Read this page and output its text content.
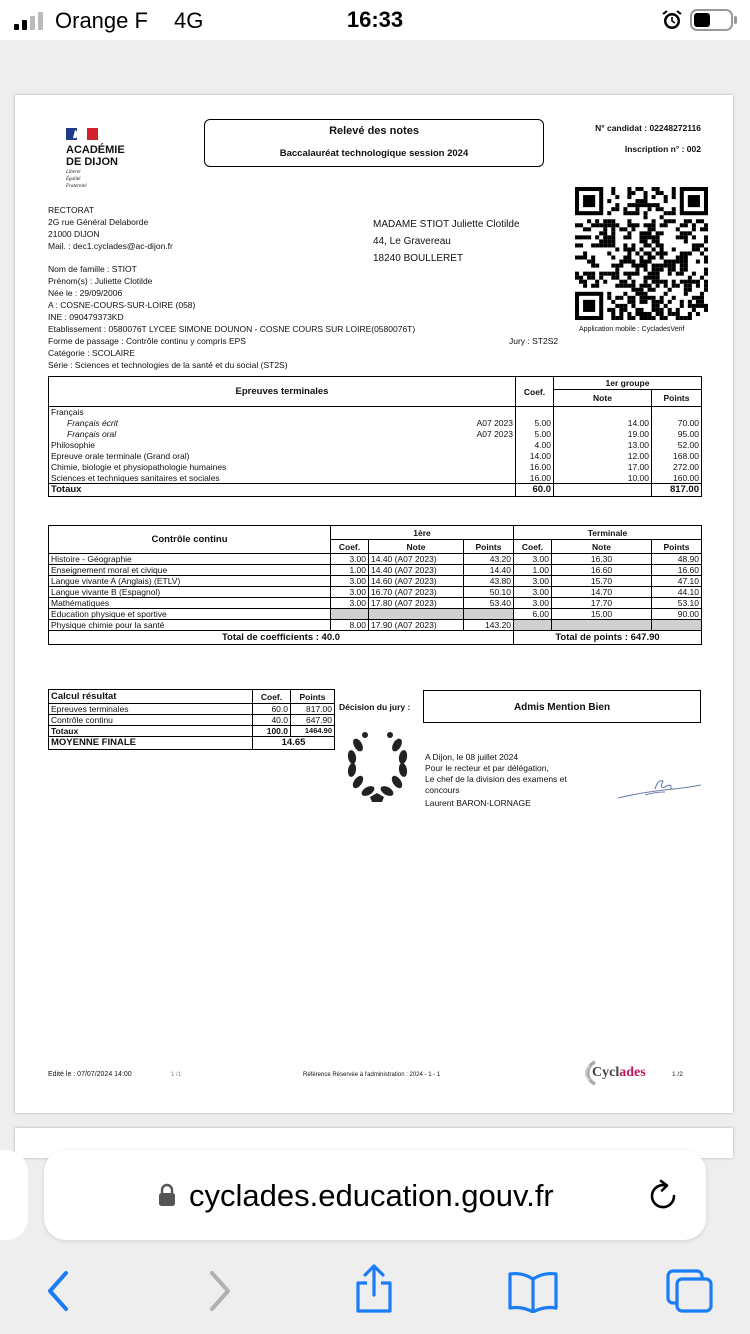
Orange F 4G	16:33
ACADÉMIE
DE DIJON
Liberté
Égalité
Fraternité
Relevé des notes
Baccalauréat technologique session 2024
N° candidat : 02248272116
Inscription n° : 002
Application mobile : CycladesVerif
RECTORAT
2G rue Général Delaborde
21000 DIJON
Mail. : dec1.cyclades@ac-dijon.fr
MADAME STIOT Juliette Clotilde
44, Le Gravereau
18240 BOULLERET
Nom de famille : STIOT
Prénom(s) : Juliette Clotilde
Née le : 29/09/2006
A : COSNE-COURS-SUR-LOIRE (058)
INE : 090479373KD
Etablissement : 0580076T LYCEE SIMONE DOUNON - COSNE COURS SUR LOIRE(0580076T)
Forme de passage : Contrôle continu y compris EPS
Catégorie : SCOLAIRE
Série : Sciences et technologies de la santé et du social (ST2S)
Jury : ST2S2
Epreuves terminales	Coef.	1er groupe	
		Note	Points
Français			
Français écrit A07 2023	5.00	14.00	70.00
Français oral A07 2023	5.00	19.00	95.00
Philosophie	4.00	13.00	52.00
Epreuve orale terminale (Grand oral)	14.00	12.00	168.00
Chimie, biologie et physiopathologie humaines	16.00	17.00	272.00
Sciences et techniques sanitaires et sociales	16.00	10.00	160.00
Totaux	60.0		817.00
Contrôle continu	1ère			Terminale		
	Coef.	Note	Points	Coef.	Note	Points
Histoire - Géographie	3.00	14.40 (A07 2023)	43.20	3.00	16.30	48.90
Enseignement moral et civique	1.00	14.40 (A07 2023)	14.40	1.00	16.60	16.60
Langue vivante A (Anglais) (ETLV)	3.00	14.60 (A07 2023)	43.80	3.00	15.70	47.10
Langue vivante B (Espagnol)	3.00	16.70 (A07 2023)	50.10	3.00	14.70	44.10
Mathématiques	3.00	17.80 (A07 2023)	53.40	3.00	17.70	53.10
Education physique et sportive				6.00	15.00	90.00
Physique chimie pour la santé	8.00	17.90 (A07 2023)	143.20			
Total de coefficients : 40.0				Total de points : 647.90		
Calcul résultat	Coef.	Points
Epreuves terminales	60.0	817.00
Contrôle continu	40.0	647.90
Totaux	100.0	1464.90
MOYENNE FINALE	14.65	
Décision du jury :	Admis Mention Bien
A Dijon, le 08 juillet 2024
Pour le recteur et par délégation,
Le chef de la division des examens et
concours
Laurent BARON-LORNAGE
Edité le : 07/07/2024 14:00	1 /1	Référence Réservée à l'administration : 2024 - 1 - 1	Cyclades	1 /2
cyclades.education.gouv.fr
